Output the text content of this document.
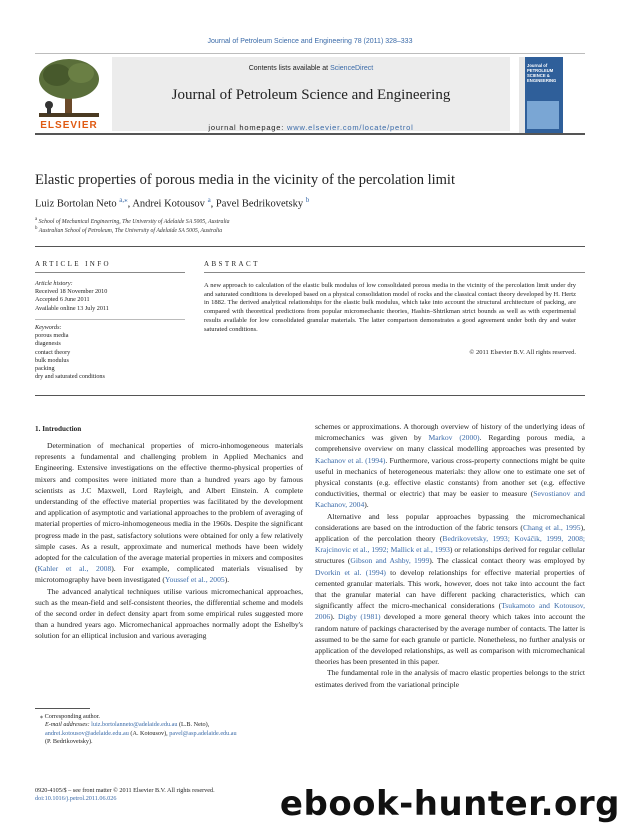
Journal of Petroleum Science and Engineering 78 (2011) 328–333
ELSEVIER
Contents lists available at ScienceDirect
Journal of Petroleum Science and Engineering
journal homepage: www.elsevier.com/locate/petrol
Journal of PETROLEUM SCIENCE & ENGINEERING
Elastic properties of porous media in the vicinity of the percolation limit
Luiz Bortolan Neto $^{a,⁎}$, Andrei Kotousov $^a$, Pavel Bedrikovetsky $^b$
$^a$ School of Mechanical Engineering, The University of Adelaide SA 5005, Australia
$^b$ Australian School of Petroleum, The University of Adelaide SA 5005, Australia
ARTICLE INFO
Article history:
Received 18 November 2010
Accepted 6 June 2011
Available online 13 July 2011
Keywords:
porous media
diagenesis
contact theory
bulk modulus
packing
dry and saturated conditions
ABSTRACT
A new approach to calculation of the elastic bulk modulus of low consolidated porous media in the vicinity of the percolation limit under dry and saturated conditions is developed based on a physical consolidation model of rocks and the classical contact theory developed by H. Hertz in 1882. The derived analytical relationships for the elastic bulk modulus, which take into account the structural architecture of packing, are compared with theoretical predictions from popular micromechanic theories, Hashin–Shtrikman strict bounds as well as with experimental results available for low consolidated granular materials. The latter comparison demonstrates a good agreement under both dry and water saturated conditions.
© 2011 Elsevier B.V. All rights reserved.
1. Introduction

Determination of mechanical properties of micro-inhomogeneous materials represents a fundamental and challenging problem in Applied Mechanics and Engineering. Extensive investigations on the effective thermo-physical properties of mixers and composites were initiated more than a hundred years ago by famous scientists as J.C Maxwell, Lord Rayleigh, and Albert Einstein. A complete understanding of the effective material properties was facilitated by the development and application of asymptotic and variational approaches to the problem of averaging of material properties of micro-inhomogeneous media in the 1960s. Despite the significant progress made in the past, satisfactory solutions were obtained for only a few relatively simple cases. As a result, approximate and numerical methods have been widely adopted for the calculation of the average material properties in mixers and composites (Kahler et al., 2008). For example, complicated materials visualised by microtomography have been investigated (Youssef et al., 2005).

The advanced analytical techniques utilise various micromechanical approaches, such as the mean-field and self-consistent theories, the differential scheme and models of the second order in defect density apart from some empirical rules suggested more than a hundred years ago. Micromechanical approaches normally adopt the Eshelby's solution for an elliptical inclusion and various averaging

schemes or approximations. A thorough overview of history of the underlying ideas of micromechanics was given by Markov (2000). Regarding porous media, a comprehensive overview on many classical modelling approaches was presented by Kachanov et al. (1994). Furthermore, various cross-property connections might be quite useful in mechanics of heterogeneous materials: they allow one to estimate one set of physical constants (e.g. effective elastic constants) from another set (e.g. effective conductivities, thermal or electric) that may be easier to measure (Sevostianov and Kachanov, 2004).

Alternative and less popular approaches bypassing the micromechanical considerations are based on the introduction of the fabric tensors (Chang et al., 1995), application of the percolation theory (Bedrikovetsky, 1993; Kováčik, 1999, 2008; Krajcinovic et al., 1992; Mallick et al., 1993) or relationships derived for regular cellular structures (Gibson and Ashby, 1999). The classical contact theory was employed by Dvorkin et al. (1994) to develop relationships for effective material properties of cemented granular materials. This work, however, does not take into account the fact that the granular material can have different packing characteristics, which can significantly affect the micro-mechanical considerations (Tsukamoto and Kotousov, 2006). Digby (1981) developed a more general theory which takes into account the random nature of packings characterised by the average number of contacts. The latter is assumed to be the same for each granule or particle. Nonetheless, no further analysis or application of the developed relationships, as well as comparison with micromechanical theories has been presented in this paper.

The fundamental role in the analysis of macro elastic properties belongs to the strict estimates derived from the variational principle

⁎ Corresponding author.
E-mail addresses: luiz.bortolanneto@adelaide.edu.au (L.B. Neto),
andrei.kotousov@adelaide.edu.au (A. Kotousov), pavel@asp.adelaide.edu.au
(P. Bedrikovetsky).
0920-4105/$ – see front matter © 2011 Elsevier B.V. All rights reserved.
doi:10.1016/j.petrol.2011.06.026	ebook-hunter.org
